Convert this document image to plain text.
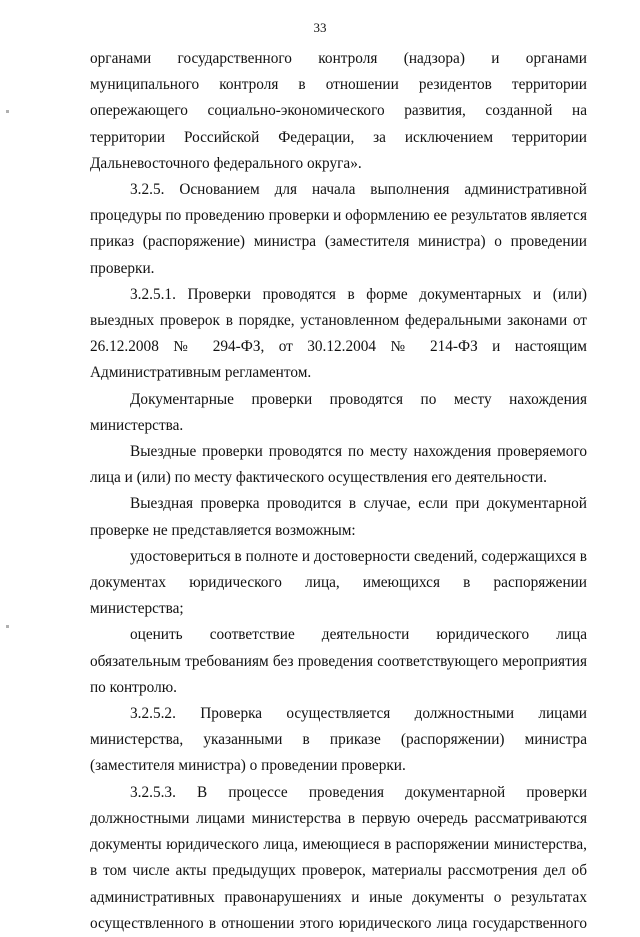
33

органами государственного контроля (надзора) и органами муниципального контроля в отношении резидентов территории опережающего социально-экономического развития, созданной на территории Российской Федерации, за исключением территории Дальневосточного федерального округа».

3.2.5. Основанием для начала выполнения административной процедуры по проведению проверки и оформлению ее результатов является приказ (распоряжение) министра (заместителя министра) о проведении проверки.

3.2.5.1. Проверки проводятся в форме документарных и (или) выездных проверок в порядке, установленном федеральными законами от 26.12.2008 № 294-ФЗ, от 30.12.2004 № 214-ФЗ и настоящим Административным регламентом.

Документарные проверки проводятся по месту нахождения министерства.

Выездные проверки проводятся по месту нахождения проверяемого лица и (или) по месту фактического осуществления его деятельности.

Выездная проверка проводится в случае, если при документарной проверке не представляется возможным:

удостовериться в полноте и достоверности сведений, содержащихся в документах юридического лица, имеющихся в распоряжении министерства;

оценить соответствие деятельности юридического лица обязательным требованиям без проведения соответствующего мероприятия по контролю.

3.2.5.2. Проверка осуществляется должностными лицами министерства, указанными в приказе (распоряжении) министра (заместителя министра) о проведении проверки.

3.2.5.3. В процессе проведения документарной проверки должностными лицами министерства в первую очередь рассматриваются документы юридического лица, имеющиеся в распоряжении министерства, в том числе акты предыдущих проверок, материалы рассмотрения дел об административных правонарушениях и иные документы о результатах осуществленного в отношении этого юридического лица государственного
